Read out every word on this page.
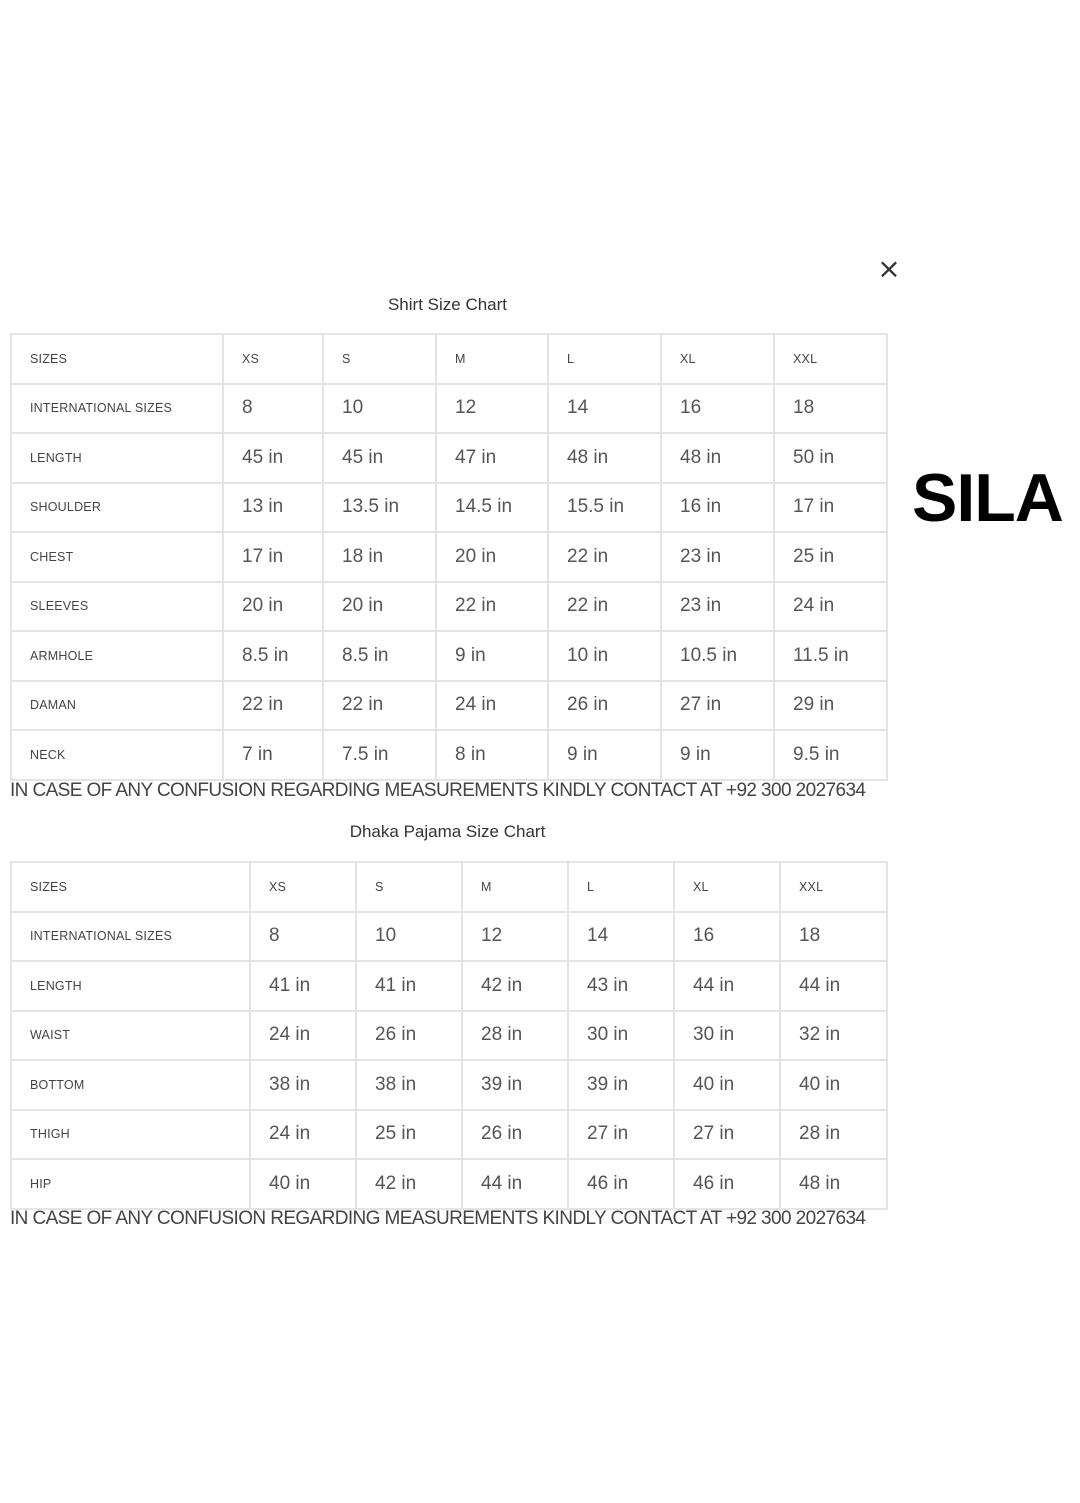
×
SILA
Shirt Size Chart
SIZES	XS	S	M	L	XL	XXL
INTERNATIONAL SIZES	8	10	12	14	16	18
LENGTH	45 in	45 in	47 in	48 in	48 in	50 in
SHOULDER	13 in	13.5 in	14.5 in	15.5 in	16 in	17 in
CHEST	17 in	18 in	20 in	22 in	23 in	25 in
SLEEVES	20 in	20 in	22 in	22 in	23 in	24 in
ARMHOLE	8.5 in	8.5 in	9 in	10 in	10.5 in	11.5 in
DAMAN	22 in	22 in	24 in	26 in	27 in	29 in
NECK	7 in	7.5 in	8 in	9 in	9 in	9.5 in
IN CASE OF ANY CONFUSION REGARDING MEASUREMENTS KINDLY CONTACT AT +92 300 2027634
Dhaka Pajama Size Chart
SIZES	XS	S	M	L	XL	XXL
INTERNATIONAL SIZES	8	10	12	14	16	18
LENGTH	41 in	41 in	42 in	43 in	44 in	44 in
WAIST	24 in	26 in	28 in	30 in	30 in	32 in
BOTTOM	38 in	38 in	39 in	39 in	40 in	40 in
THIGH	24 in	25 in	26 in	27 in	27 in	28 in
HIP	40 in	42 in	44 in	46 in	46 in	48 in
IN CASE OF ANY CONFUSION REGARDING MEASUREMENTS KINDLY CONTACT AT +92 300 2027634
